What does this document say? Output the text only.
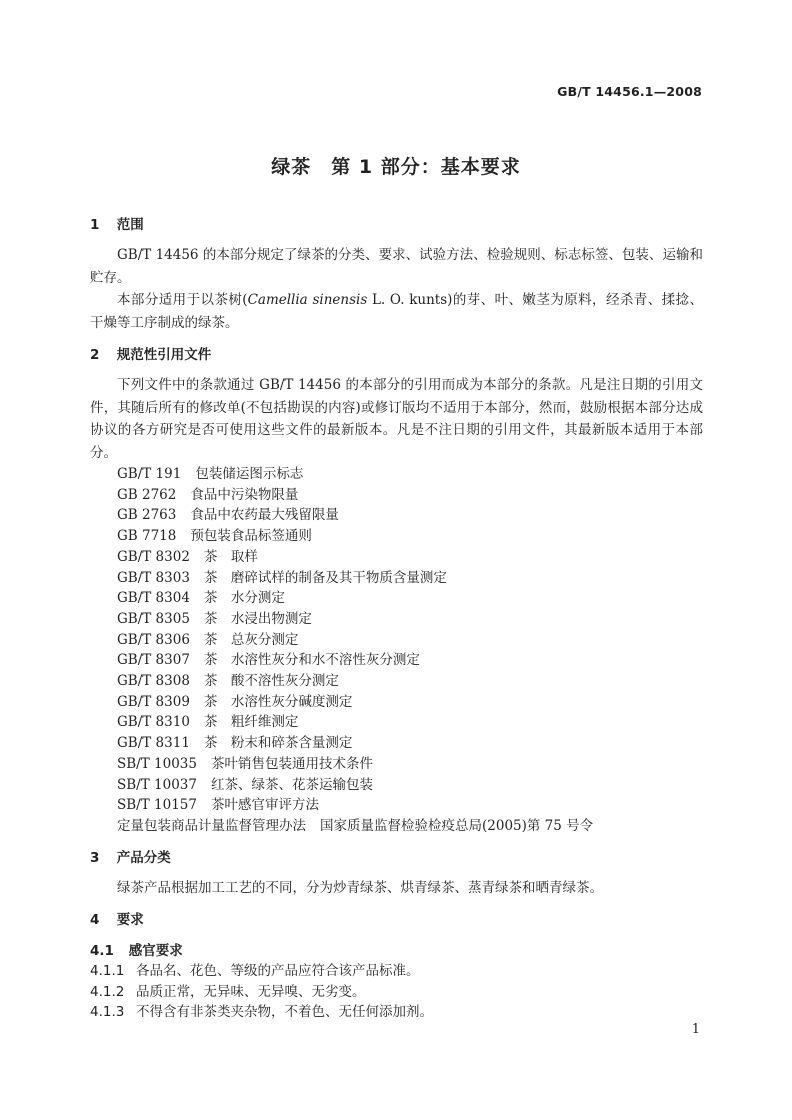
GB/T 14456.1—2008
绿茶　第 1 部分：基本要求
1 范围

GB/T 14456 的本部分规定了绿茶的分类、要求、试验方法、检验规则、标志标签、包装、运输和贮存。

本部分适用于以茶树(Camellia sinensis L. O. kunts)的芽、叶、嫩茎为原料，经杀青、揉捻、干燥等工序制成的绿茶。

2 规范性引用文件

下列文件中的条款通过 GB/T 14456 的本部分的引用而成为本部分的条款。凡是注日期的引用文件，其随后所有的修改单(不包括勘误的内容)或修订版均不适用于本部分，然而，鼓励根据本部分达成协议的各方研究是否可使用这些文件的最新版本。凡是不注日期的引用文件，其最新版本适用于本部分。

GB/T 191 包装储运图示标志
GB 2762 食品中污染物限量
GB 2763 食品中农药最大残留限量
GB 7718 预包装食品标签通则
GB/T 8302 茶　取样
GB/T 8303 茶　磨碎试样的制备及其干物质含量测定
GB/T 8304 茶　水分测定
GB/T 8305 茶　水浸出物测定
GB/T 8306 茶　总灰分测定
GB/T 8307 茶　水溶性灰分和水不溶性灰分测定
GB/T 8308 茶　酸不溶性灰分测定
GB/T 8309 茶　水溶性灰分碱度测定
GB/T 8310 茶　粗纤维测定
GB/T 8311 茶　粉末和碎茶含量测定
SB/T 10035 茶叶销售包装通用技术条件
SB/T 10037 红茶、绿茶、花茶运输包装
SB/T 10157 茶叶感官审评方法
定量包装商品计量监督管理办法 国家质量监督检验检疫总局(2005)第 75 号令
3 产品分类

绿茶产品根据加工工艺的不同，分为炒青绿茶、烘青绿茶、蒸青绿茶和晒青绿茶。

4 要求
4.1 感官要求

4.1.1 各品名、花色、等级的产品应符合该产品标准。

4.1.2 品质正常，无异味、无异嗅、无劣变。

4.1.3 不得含有非茶类夹杂物，不着色、无任何添加剂。

1
